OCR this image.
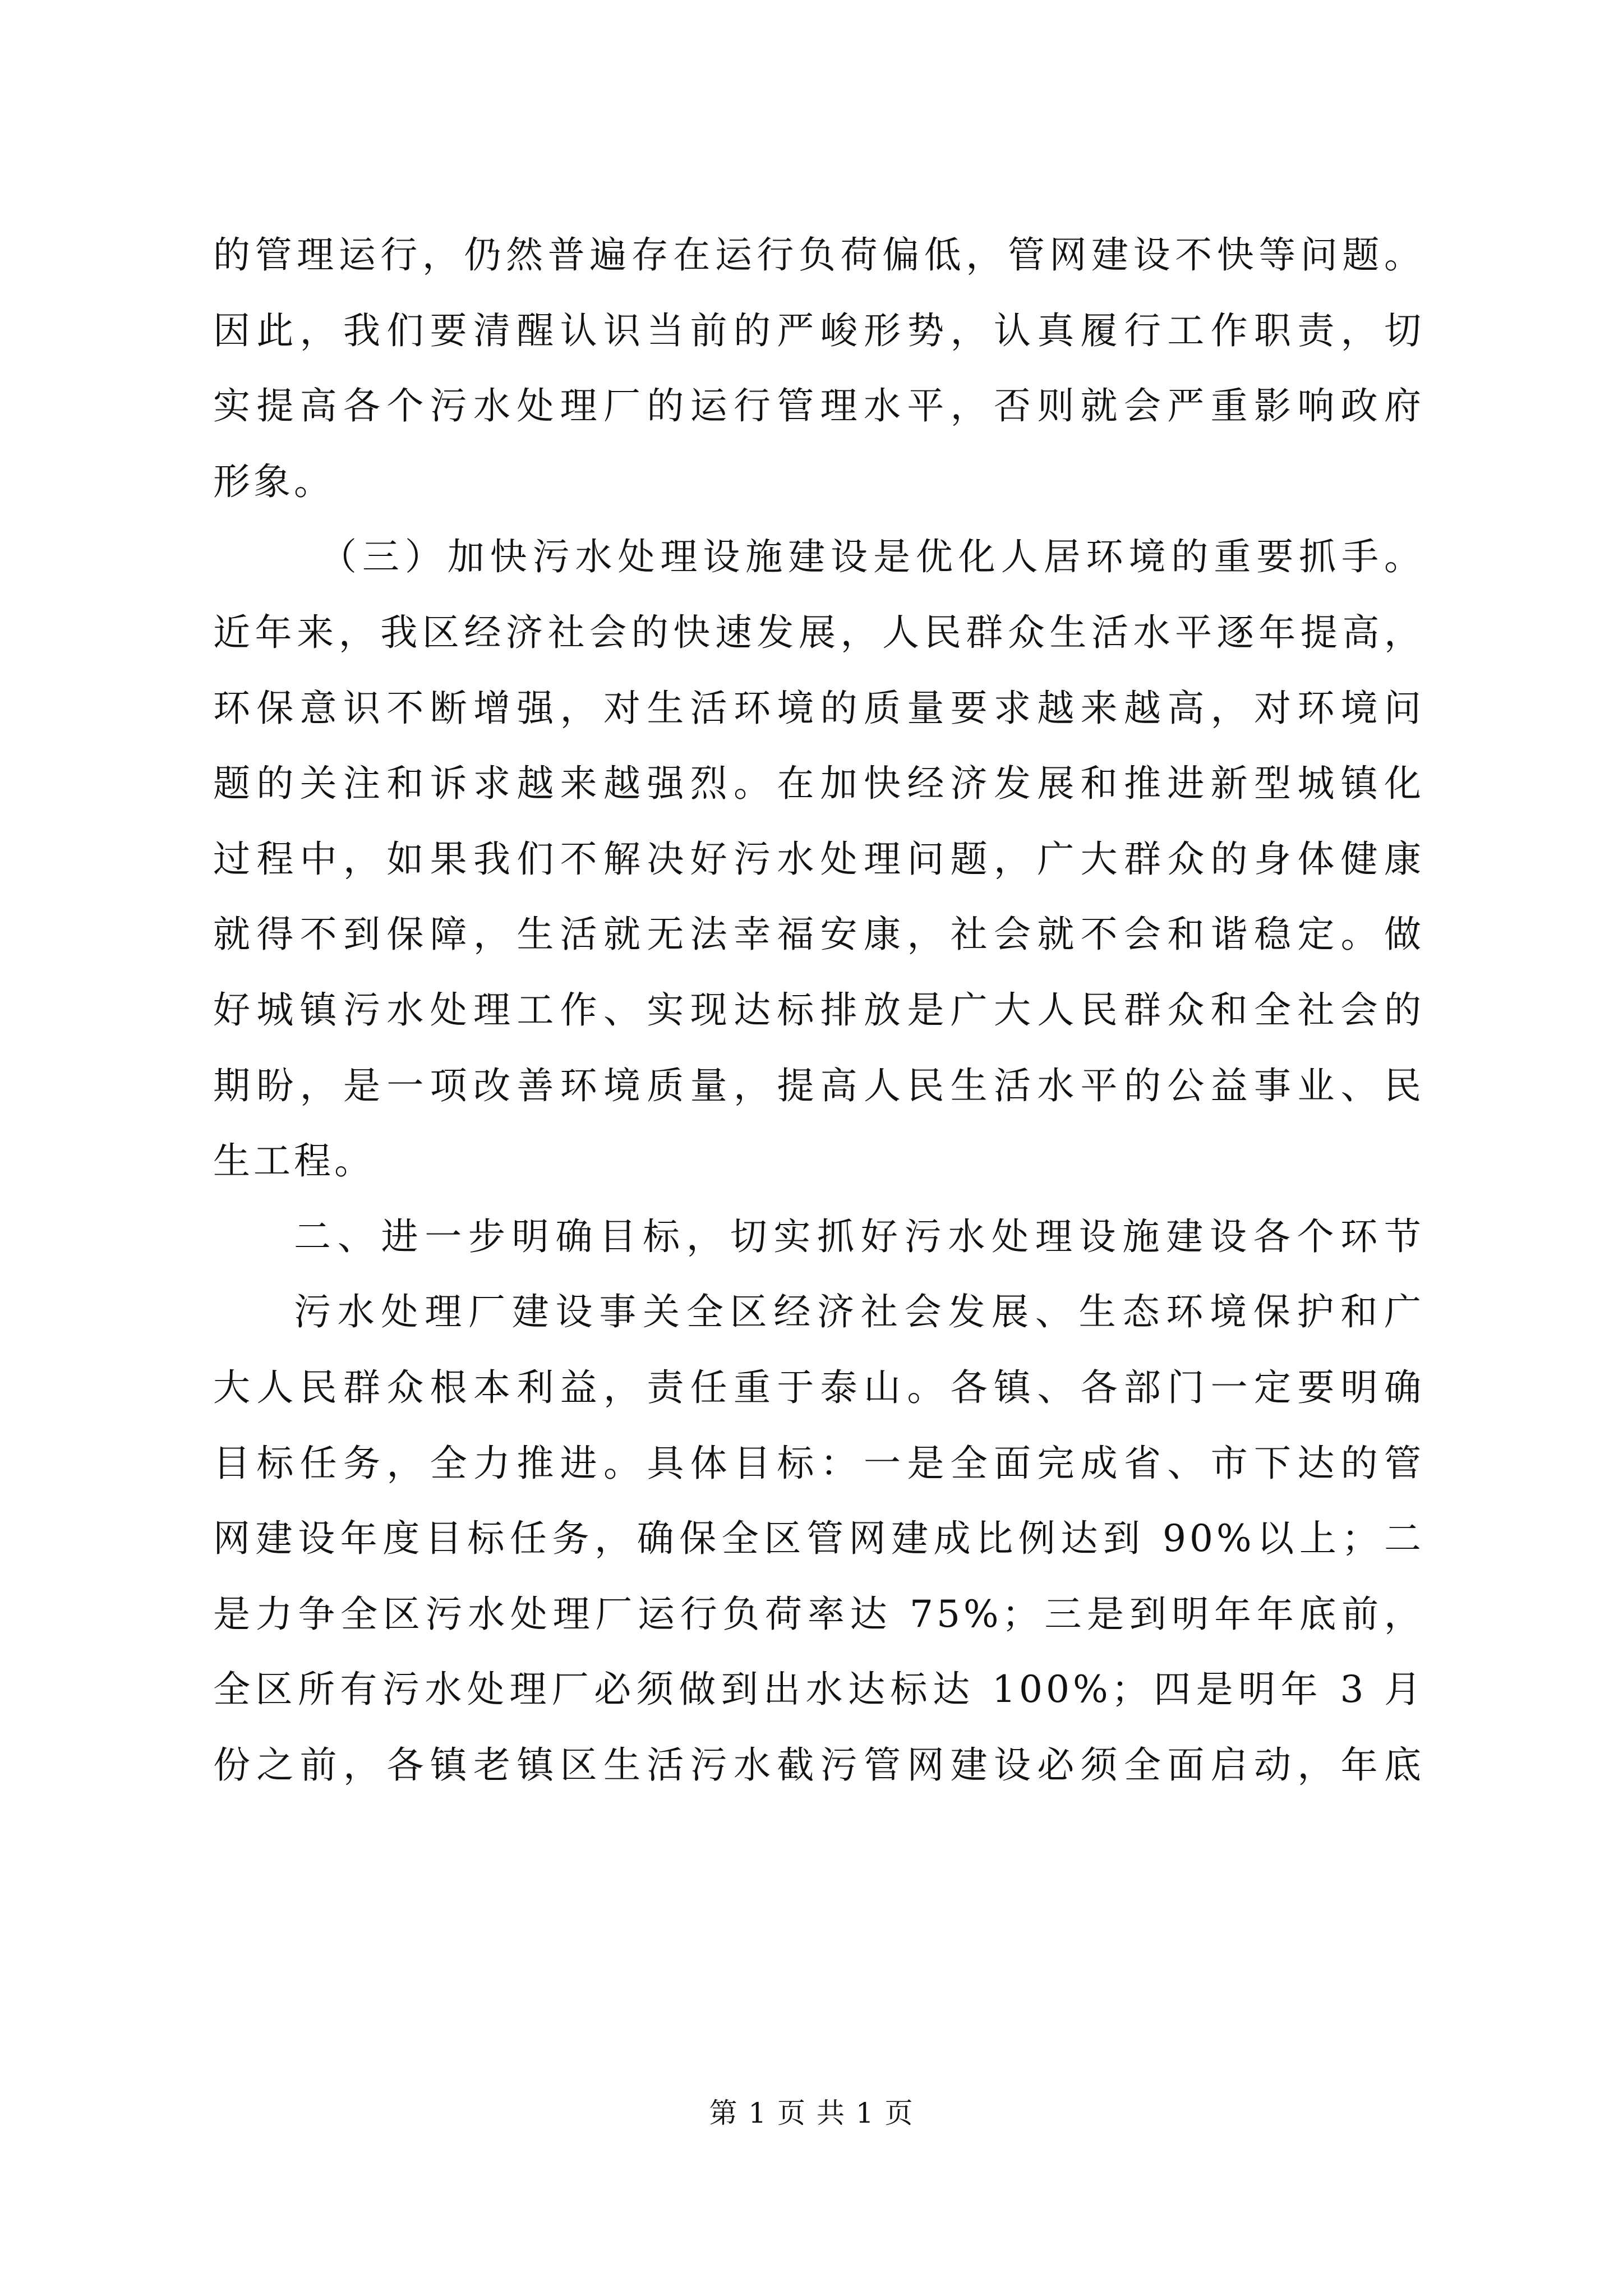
的管理运行，仍然普遍存在运行负荷偏低，管网建设不快等问题。
因此，我们要清醒认识当前的严峻形势，认真履行工作职责，切
实提高各个污水处理厂的运行管理水平，否则就会严重影响政府
形象。
（三）加快污水处理设施建设是优化人居环境的重要抓手。
近年来，我区经济社会的快速发展，人民群众生活水平逐年提高，
环保意识不断增强，对生活环境的质量要求越来越高，对环境问
题的关注和诉求越来越强烈。在加快经济发展和推进新型城镇化
过程中，如果我们不解决好污水处理问题，广大群众的身体健康
就得不到保障，生活就无法幸福安康，社会就不会和谐稳定。做
好城镇污水处理工作、实现达标排放是广大人民群众和全社会的
期盼，是一项改善环境质量，提高人民生活水平的公益事业、民
生工程。
二、进一步明确目标，切实抓好污水处理设施建设各个环节
污水处理厂建设事关全区经济社会发展、生态环境保护和广
大人民群众根本利益，责任重于泰山。各镇、各部门一定要明确
目标任务，全力推进。具体目标：一是全面完成省、市下达的管
网建设年度目标任务，确保全区管网建成比例达到 90%以上；二
是力争全区污水处理厂运行负荷率达 75%；三是到明年年底前，
全区所有污水处理厂必须做到出水达标达 100%；四是明年 3 月
份之前，各镇老镇区生活污水截污管网建设必须全面启动，年底
第 1 页 共 1 页
